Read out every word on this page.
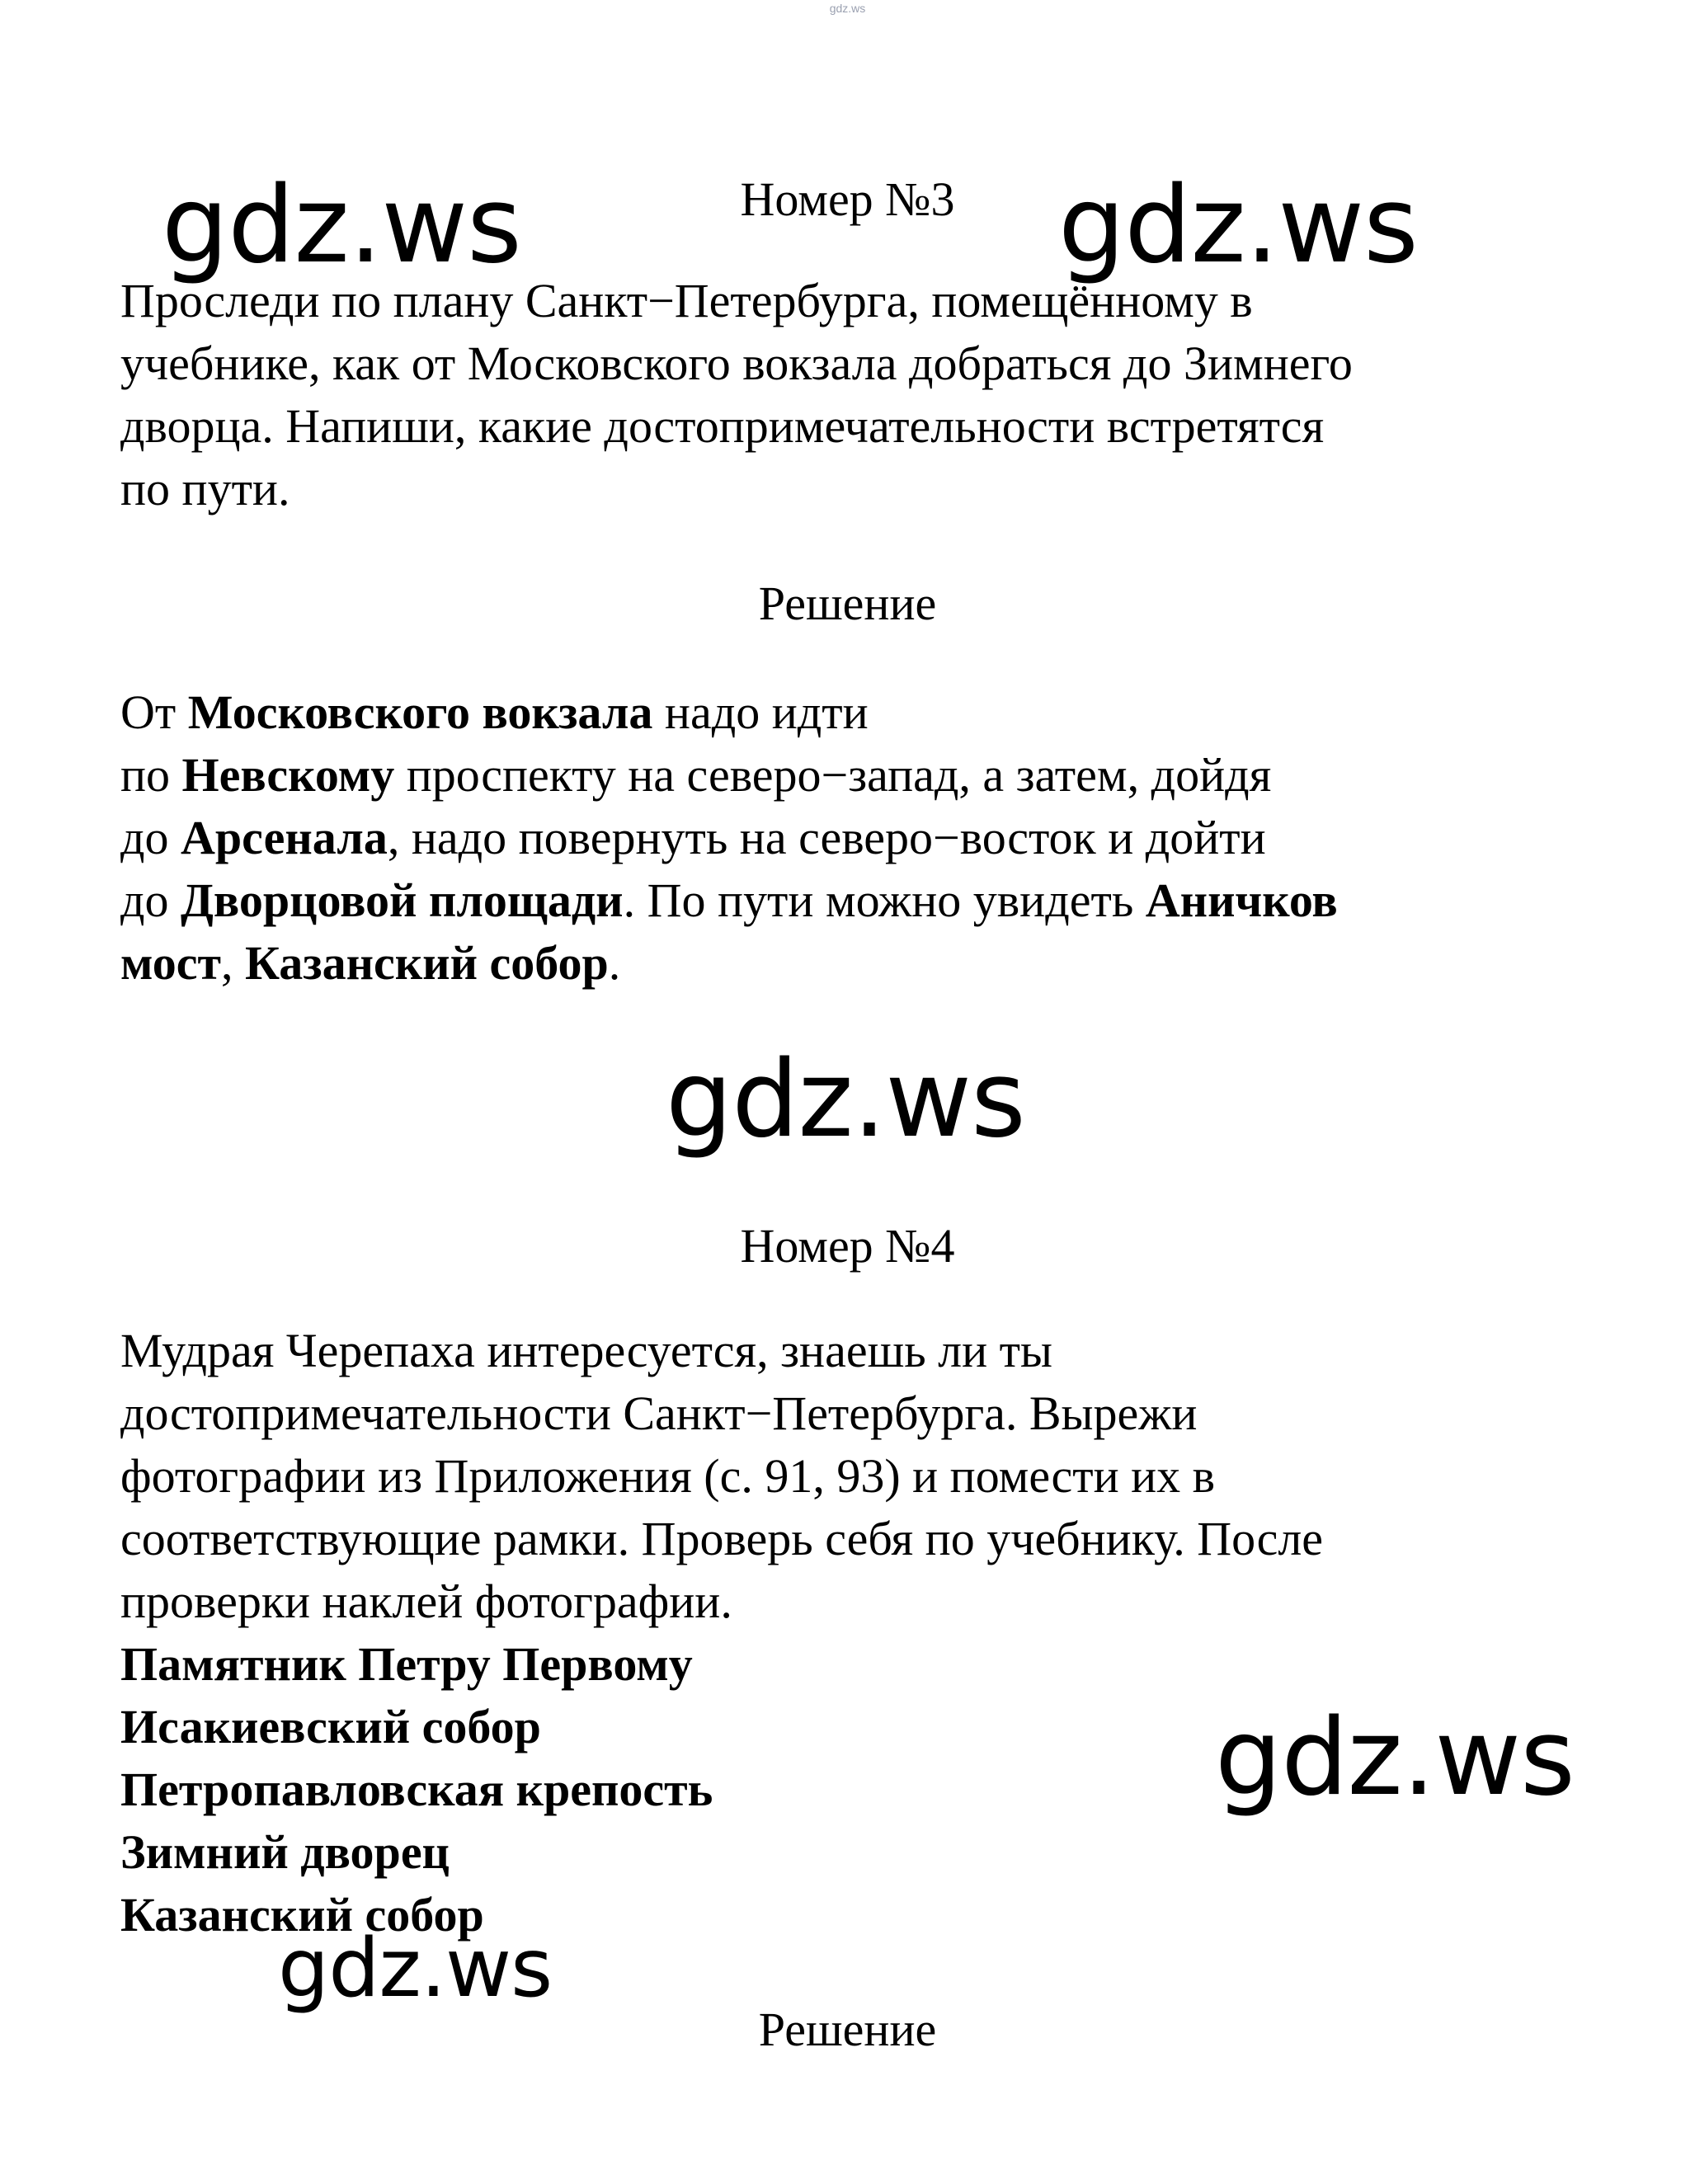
gdz.ws
Номер №3
Проследи по плану Санкт−Петербурга, помещённому в
учебнике, как от Московского вокзала добраться до Зимнего
дворца. Напиши, какие достопримечательности встретятся
по пути.
Решение
От Московского вокзала надо идти
по Невскому проспекту на северо−запад, а затем, дойдя
до Арсенала, надо повернуть на северо−восток и дойти
до Дворцовой площади. По пути можно увидеть Аничков
мост, Казанский собор.
Номер №4
Мудрая Черепаха интересуется, знаешь ли ты
достопримечательности Санкт−Петербурга. Вырежи
фотографии из Приложения (с. 91, 93) и помести их в
соответствующие рамки. Проверь себя по учебнику. После
проверки наклей фотографии.
Памятник Петру Первому
Исакиевский собор
Петропавловская крепость
Зимний дворец
Казанский собор
Решение
gdz.ws	gdz.ws
gdz.ws
gdz.ws
gdz.ws
